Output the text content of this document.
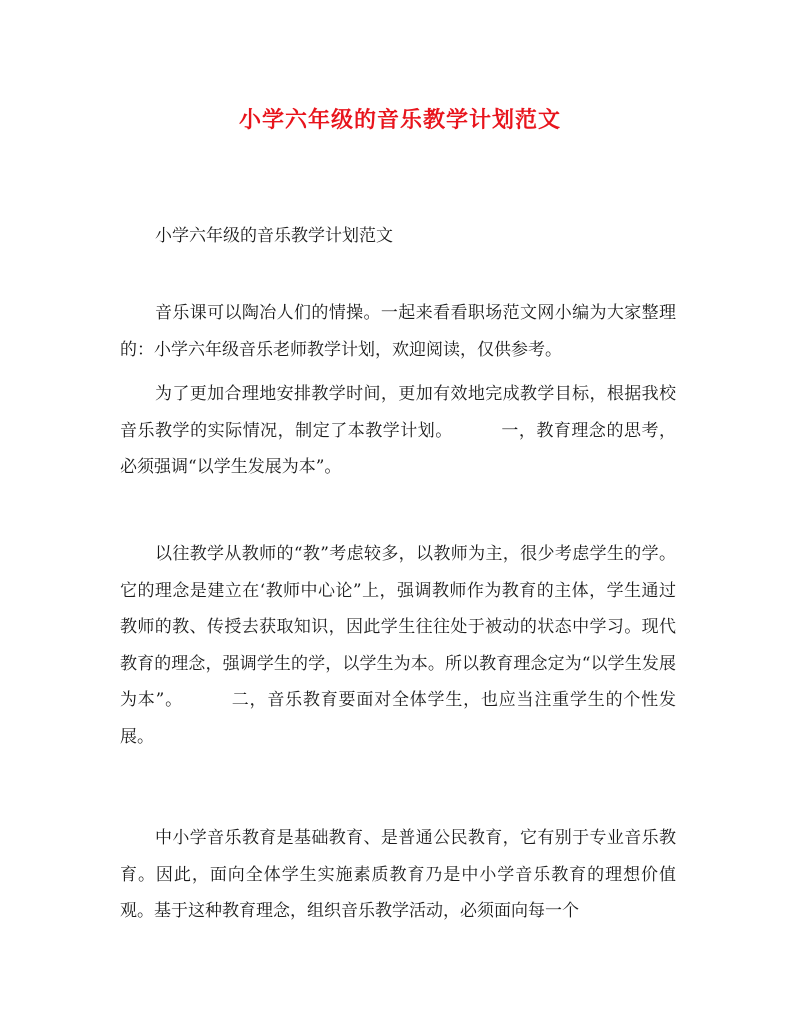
小学六年级的音乐教学计划范文
小学六年级的音乐教学计划范文

音乐课可以陶冶人们的情操。一起来看看职场范文网小编为大家整理的：小学六年级音乐老师教学计划，欢迎阅读，仅供参考。

为了更加合理地安排教学时间，更加有效地完成教学目标，根据我校音乐教学的实际情况，制定了本教学计划。	一，教育理念的思考，必须强调“以学生发展为本”。

以往教学从教师的“教”考虑较多，以教师为主，很少考虑学生的学。它的理念是建立在‘教师中心论”上，强调教师作为教育的主体，学生通过教师的教、传授去获取知识，因此学生往往处于被动的状态中学习。现代教育的理念，强调学生的学，以学生为本。所以教育理念定为“以学生发展为本”。	二，音乐教育要面对全体学生，也应当注重学生的个性发展。

中小学音乐教育是基础教育、是普通公民教育，它有别于专业音乐教育。因此，面向全体学生实施素质教育乃是中小学音乐教育的理想价值观。基于这种教育理念，组织音乐教学活动，必须面向每一个
